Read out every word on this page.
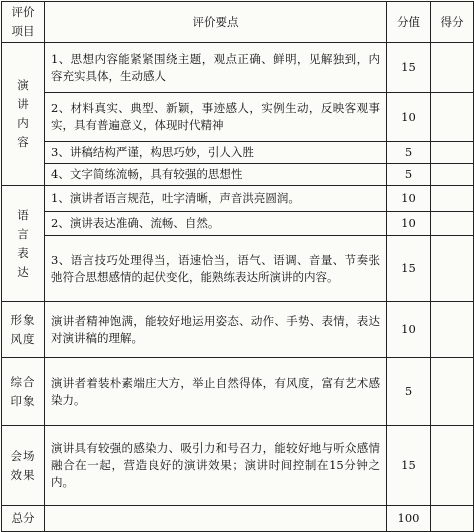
评价项目	评价要点	分值	得分
演讲内容	1、思想内容能紧紧围绕主题，观点正确、鲜明，见解独到，内容充实具体，生动感人	15	
	2、材料真实、典型、新颖，事迹感人，实例生动，反映客观事实，具有普遍意义，体现时代精神	10	
	3、讲稿结构严谨，构思巧妙，引人入胜	5	
	4、文字简练流畅，具有较强的思想性	5	
语言表达	1、演讲者语言规范，吐字清晰，声音洪亮圆润。	10	
	2、演讲表达准确、流畅、自然。	10	
	3、语言技巧处理得当，语速恰当，语气、语调、音量、节奏张弛符合思想感情的起伏变化，能熟练表达所演讲的内容。	15	
形象风度	演讲者精神饱满，能较好地运用姿态、动作、手势、表情，表达对演讲稿的理解。	10	
综合印象	演讲者着装朴素端庄大方，举止自然得体，有风度，富有艺术感染力。	5	
会场效果	演讲具有较强的感染力、吸引力和号召力，能较好地与听众感情融合在一起，营造良好的演讲效果；演讲时间控制在15分钟之内。	15	
总分		100	
